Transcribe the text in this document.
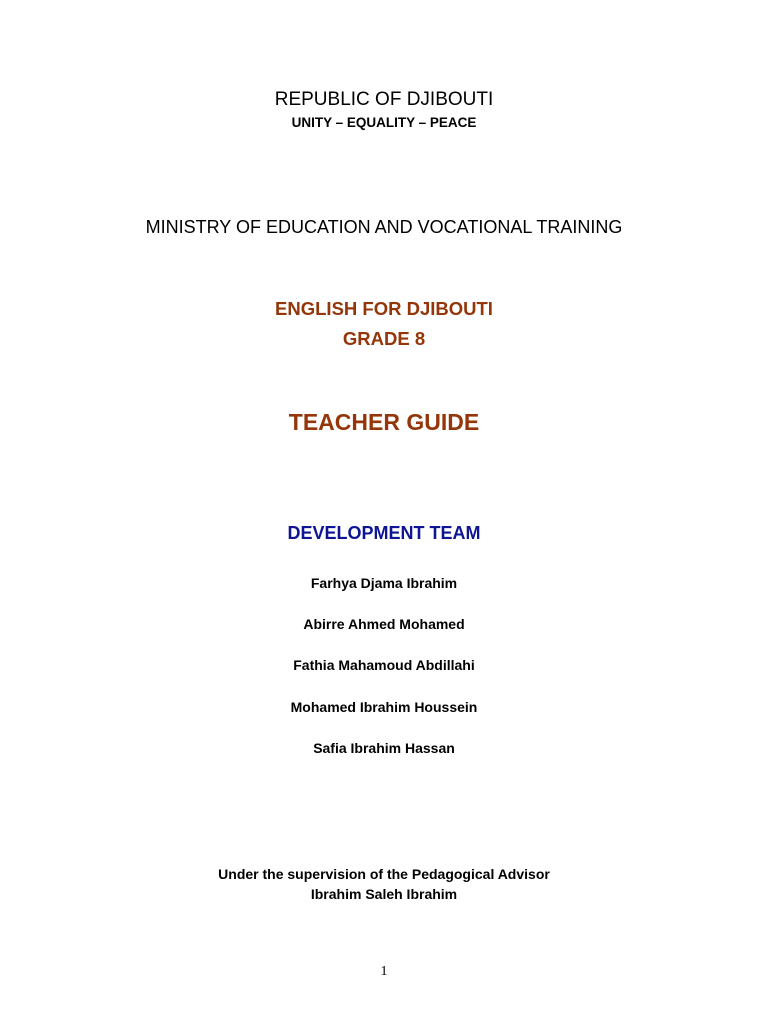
REPUBLIC OF DJIBOUTI
UNITY – EQUALITY – PEACE
MINISTRY OF EDUCATION AND VOCATIONAL TRAINING
ENGLISH FOR DJIBOUTI
GRADE 8
TEACHER GUIDE
DEVELOPMENT TEAM
Farhya Djama Ibrahim
Abirre Ahmed Mohamed
Fathia Mahamoud Abdillahi
Mohamed Ibrahim Houssein
Safia Ibrahim Hassan
Under the supervision of the Pedagogical Advisor
Ibrahim Saleh Ibrahim
1
